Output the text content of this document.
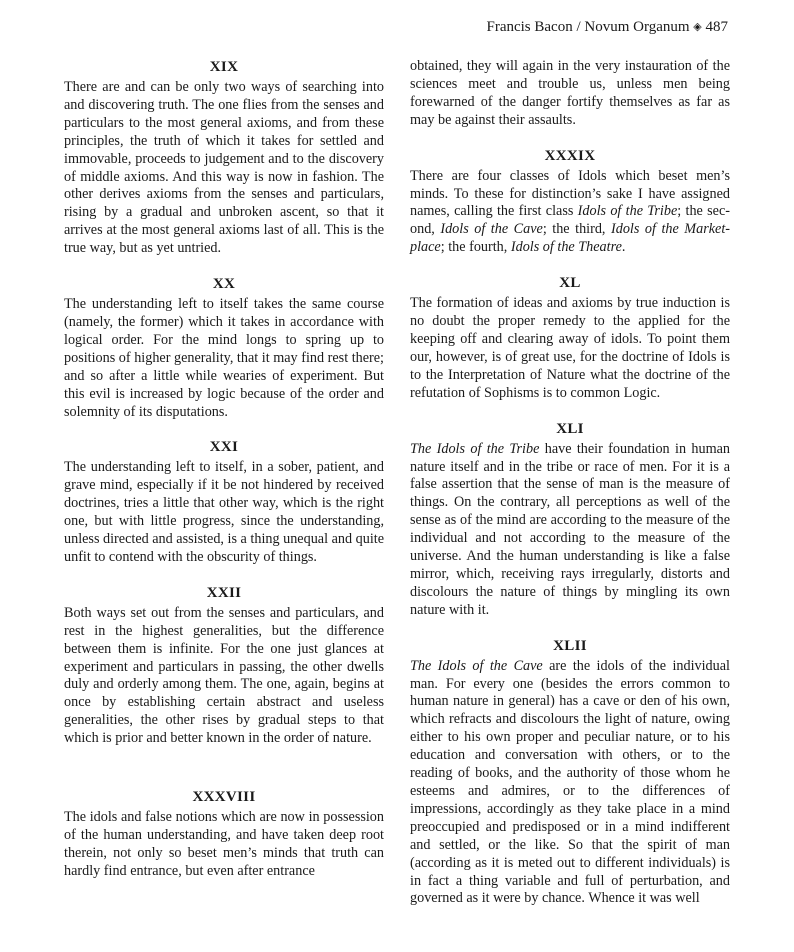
Francis Bacon / Novum Organum ◈ 487
XIX

There are and can be only two ways of searching into and discovering truth. The one flies from the senses and particulars to the most general axioms, and from these principles, the truth of which it takes for settled and immovable, proceeds to judgement and to the discovery of middle axioms. And this way is now in fashion. The other derives axioms from the senses and particulars, rising by a gradual and unbroken ascent, so that it arrives at the most general axioms last of all. This is the true way, but as yet untried.

XX

The understanding left to itself takes the same course (namely, the former) which it takes in accordance with logical order. For the mind longs to spring up to positions of higher generality, that it may find rest there; and so after a little while wearies of experiment. But this evil is increased by logic because of the order and solemnity of its disputations.

XXI

The understanding left to itself, in a sober, patient, and grave mind, especially if it be not hindered by received doctrines, tries a little that other way, which is the right one, but with little progress, since the understanding, unless directed and assisted, is a thing unequal and quite unfit to contend with the obscurity of things.

XXII

Both ways set out from the senses and particulars, and rest in the highest generalities, but the difference between them is infinite. For the one just glances at experiment and particulars in passing, the other dwells duly and orderly among them. The one, again, begins at once by establishing certain abstract and useless generalities, the other rises by gradual steps to that which is prior and better known in the order of nature.

XXXVIII

The idols and false notions which are now in possession of the human understanding, and have taken deep root therein, not only so beset men’s minds that truth can hardly find entrance, but even after entrance

obtained, they will again in the very instauration of the sciences meet and trouble us, unless men being forewarned of the danger fortify themselves as far as may be against their assaults.

XXXIX

There are four classes of Idols which beset men’s minds. To these for distinction’s sake I have assigned names, calling the first class Idols of the Tribe; the second, Idols of the Cave; the third, Idols of the Marketplace; the fourth, Idols of the Theatre.

XL

The formation of ideas and axioms by true induction is no doubt the proper remedy to the applied for the keeping off and clearing away of idols. To point them our, however, is of great use, for the doctrine of Idols is to the Interpretation of Nature what the doctrine of the refutation of Sophisms is to common Logic.

XLI

The Idols of the Tribe have their foundation in human nature itself and in the tribe or race of men. For it is a false assertion that the sense of man is the measure of things. On the contrary, all perceptions as well of the sense as of the mind are according to the measure of the individual and not according to the measure of the universe. And the human understanding is like a false mirror, which, receiving rays irregularly, distorts and discolours the nature of things by mingling its own nature with it.

XLII

The Idols of the Cave are the idols of the individual man. For every one (besides the errors common to human nature in general) has a cave or den of his own, which refracts and discolours the light of nature, owing either to his own proper and peculiar nature, or to his education and conversation with others, or to the reading of books, and the authority of those whom he esteems and admires, or to the differences of impressions, accordingly as they take place in a mind preoccupied and predisposed or in a mind indifferent and settled, or the like. So that the spirit of man (according as it is meted out to different individuals) is in fact a thing variable and full of perturbation, and governed as it were by chance. Whence it was well
